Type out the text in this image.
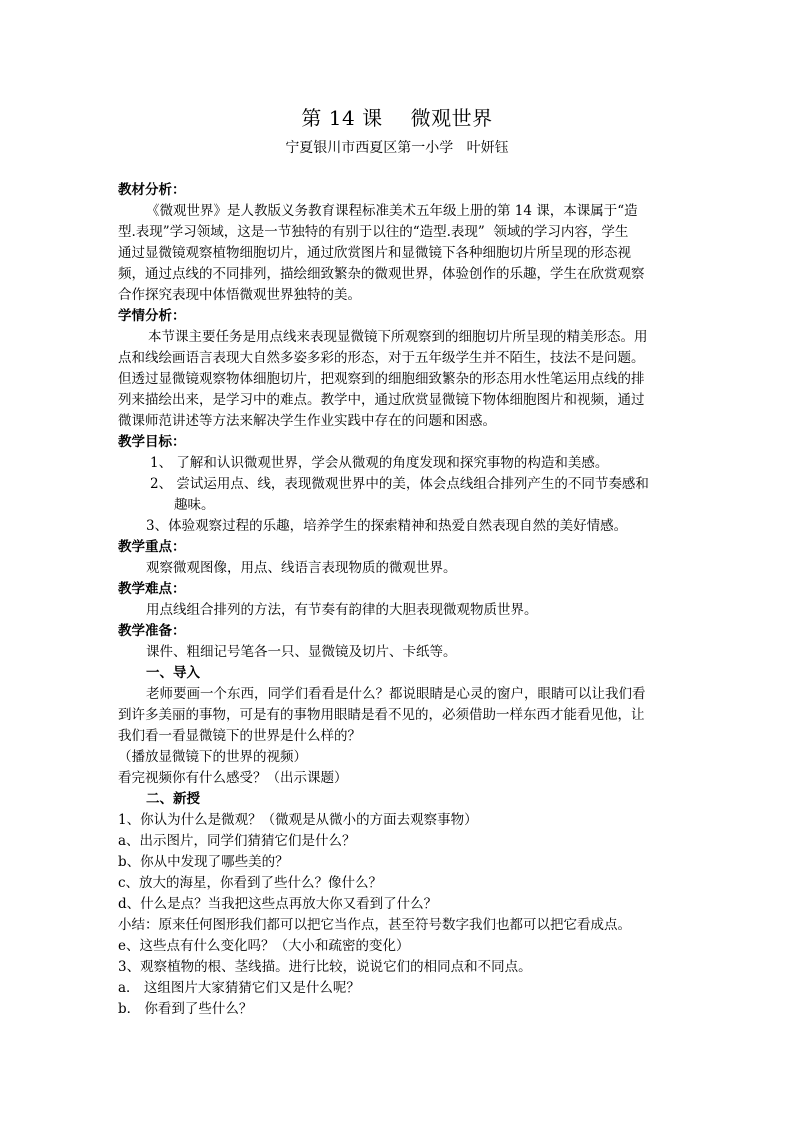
第 14 课 微观世界
宁夏银川市西夏区第一小学   叶妍钰
教材分析：
《微观世界》是人教版义务教育课程标准美术五年级上册的第 14 课，本课属于“造
型.表现”学习领域，这是一节独特的有别于以往的“造型.表现”  领域的学习内容，学生
通过显微镜观察植物细胞切片，通过欣赏图片和显微镜下各种细胞切片所呈现的形态视
频，通过点线的不同排列，描绘细致繁杂的微观世界，体验创作的乐趣，学生在欣赏观察
合作探究表现中体悟微观世界独特的美。
学情分析：
本节课主要任务是用点线来表现显微镜下所观察到的细胞切片所呈现的精美形态。用
点和线绘画语言表现大自然多姿多彩的形态，对于五年级学生并不陌生，技法不是问题。
但透过显微镜观察物体细胞切片，把观察到的细胞细致繁杂的形态用水性笔运用点线的排
列来描绘出来，是学习中的难点。教学中，通过欣赏显微镜下物体细胞图片和视频，通过
微课师范讲述等方法来解决学生作业实践中存在的问题和困惑。
教学目标：
1、 了解和认识微观世界，学会从微观的角度发现和探究事物的构造和美感。
2、 尝试运用点、线，表现微观世界中的美，体会点线组合排列产生的不同节奏感和
趣味。
3、体验观察过程的乐趣，培养学生的探索精神和热爱自然表现自然的美好情感。
教学重点：
观察微观图像，用点、线语言表现物质的微观世界。
教学难点：
用点线组合排列的方法，有节奏有韵律的大胆表现微观物质世界。
教学准备：
课件、粗细记号笔各一只、显微镜及切片、卡纸等。
一、导入
老师要画一个东西，同学们看看是什么？都说眼睛是心灵的窗户，眼睛可以让我们看
到许多美丽的事物，可是有的事物用眼睛是看不见的，必须借助一样东西才能看见他，让
我们看一看显微镜下的世界是什么样的？
（播放显微镜下的世界的视频）
看完视频你有什么感受？（出示课题）
二、新授
1、你认为什么是微观？（微观是从微小的方面去观察事物）
a、出示图片，同学们猜猜它们是什么？
b、你从中发现了哪些美的？
c、放大的海星，你看到了些什么？像什么？
d、什么是点？当我把这些点再放大你又看到了什么？
小结：原来任何图形我们都可以把它当作点，甚至符号数字我们也都可以把它看成点。
e、这些点有什么变化吗？（大小和疏密的变化）
3、观察植物的根、茎线描。进行比较，说说它们的相同点和不同点。
a． 这组图片大家猜猜它们又是什么呢？
b． 你看到了些什么？
